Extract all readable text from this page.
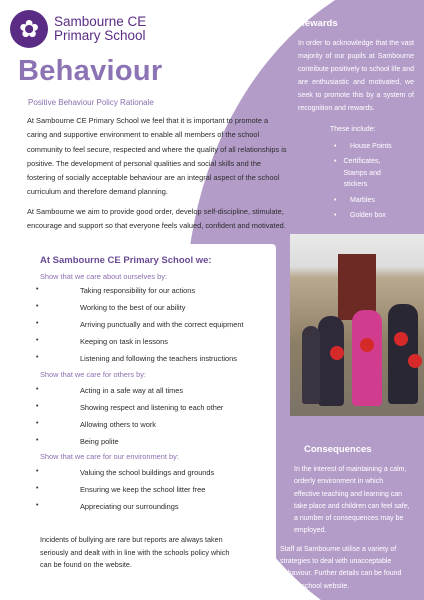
✿	Sambourne CE
Primary School
Behaviour
Positive Behaviour Policy Rationale

At Sambourne CE Primary School we feel that it is important to promote a caring and supportive environment to enable all members of the school community to feel secure, respected and where the quality of all relationships is positive. The development of personal qualities and social skills and the fostering of socially acceptable behaviour are an integral aspect of the school curriculum and therefore demand planning.

At Sambourne we aim to provide good order, develop self-discipline, stimulate, encourage and support so that everyone feels valued, confident and motivated.

At Sambourne CE Primary School we:
Show that we care about ourselves by:
•	Taking responsibility for our actions
•	Working to the best of our ability
•	Arriving punctually and with the correct equipment
•	Keeping on task in lessons
•	Listening and following the teachers instructions
Show that we care for others by:
•	Acting in a safe way at all times
•	Showing respect and listening to each other
•	Allowing others to work
•	Being polite
Show that we care for our environment by:
•	Valuing the school buildings and grounds
•	Ensuring we keep the school litter free
•	Appreciating our surroundings
Incidents of bullying are rare but reports are always taken seriously and dealt with in line with the schools policy which can be found on the website.
Rewards
In order to acknowledge that the vast majority of our pupils at Sambourne contribute positively to school life and are enthusiastic and motivated, we seek to promote this by a system of recognition and rewards.
These include:
•	House Points
•	Certificates, Stamps and stickers
•	Marbles
•	Golden box
Consequences
In the interest of maintaining a calm, orderly environment in which effective teaching and learning can take place and children can feel safe, a number of consequences may be employed.
Staff at Sambourne utilise a variety of strategies to deal with unacceptable behaviour. Further details can be found on the school website.
